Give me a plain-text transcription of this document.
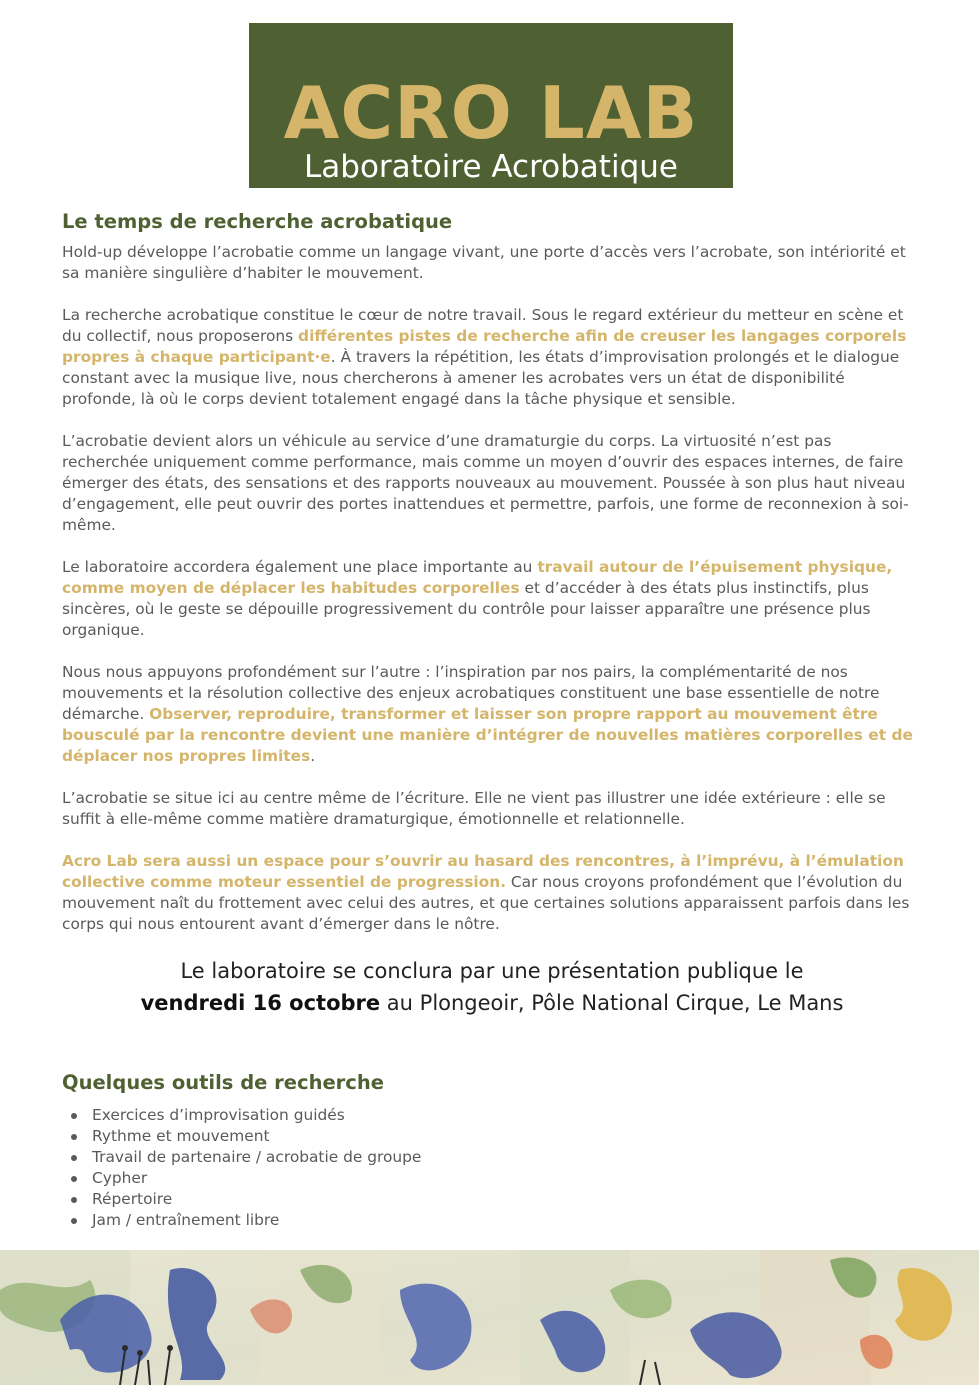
ACRO LAB
Laboratoire Acrobatique
Le temps de recherche acrobatique

Hold-up développe l’acrobatie comme un langage vivant, une porte d’accès vers l’acrobate, son intériorité et sa manière singulière d’habiter le mouvement.

La recherche acrobatique constitue le cœur de notre travail. Sous le regard extérieur du metteur en scène et du collectif, nous proposerons différentes pistes de recherche afin de creuser les langages corporels propres à chaque participant·e. À travers la répétition, les états d’improvisation prolongés et le dialogue constant avec la musique live, nous chercherons à amener les acrobates vers un état de disponibilité profonde, là où le corps devient totalement engagé dans la tâche physique et sensible.

L’acrobatie devient alors un véhicule au service d’une dramaturgie du corps. La virtuosité n’est pas recherchée uniquement comme performance, mais comme un moyen d’ouvrir des espaces internes, de faire émerger des états, des sensations et des rapports nouveaux au mouvement. Poussée à son plus haut niveau d’engagement, elle peut ouvrir des portes inattendues et permettre, parfois, une forme de reconnexion à soi-même.

Le laboratoire accordera également une place importante au travail autour de l’épuisement physique, comme moyen de déplacer les habitudes corporelles et d’accéder à des états plus instinctifs, plus sincères, où le geste se dépouille progressivement du contrôle pour laisser apparaître une présence plus organique.

Nous nous appuyons profondément sur l’autre : l’inspiration par nos pairs, la complémentarité de nos mouvements et la résolution collective des enjeux acrobatiques constituent une base essentielle de notre démarche. Observer, reproduire, transformer et laisser son propre rapport au mouvement être bousculé par la rencontre devient une manière d’intégrer de nouvelles matières corporelles et de déplacer nos propres limites.

L’acrobatie se situe ici au centre même de l’écriture. Elle ne vient pas illustrer une idée extérieure : elle se suffit à elle-même comme matière dramaturgique, émotionnelle et relationnelle.

Acro Lab sera aussi un espace pour s’ouvrir au hasard des rencontres, à l’imprévu, à l’émulation collective comme moteur essentiel de progression. Car nous croyons profondément que l’évolution du mouvement naît du frottement avec celui des autres, et que certaines solutions apparaissent parfois dans les corps qui nous entourent avant d’émerger dans le nôtre.

Le laboratoire se conclura par une présentation publique le
vendredi 16 octobre au Plongeoir, Pôle National Cirque, Le Mans
Quelques outils de recherche
Exercices d’improvisation guidés
Rythme et mouvement
Travail de partenaire / acrobatie de groupe
Cypher
Répertoire
Jam / entraînement libre
